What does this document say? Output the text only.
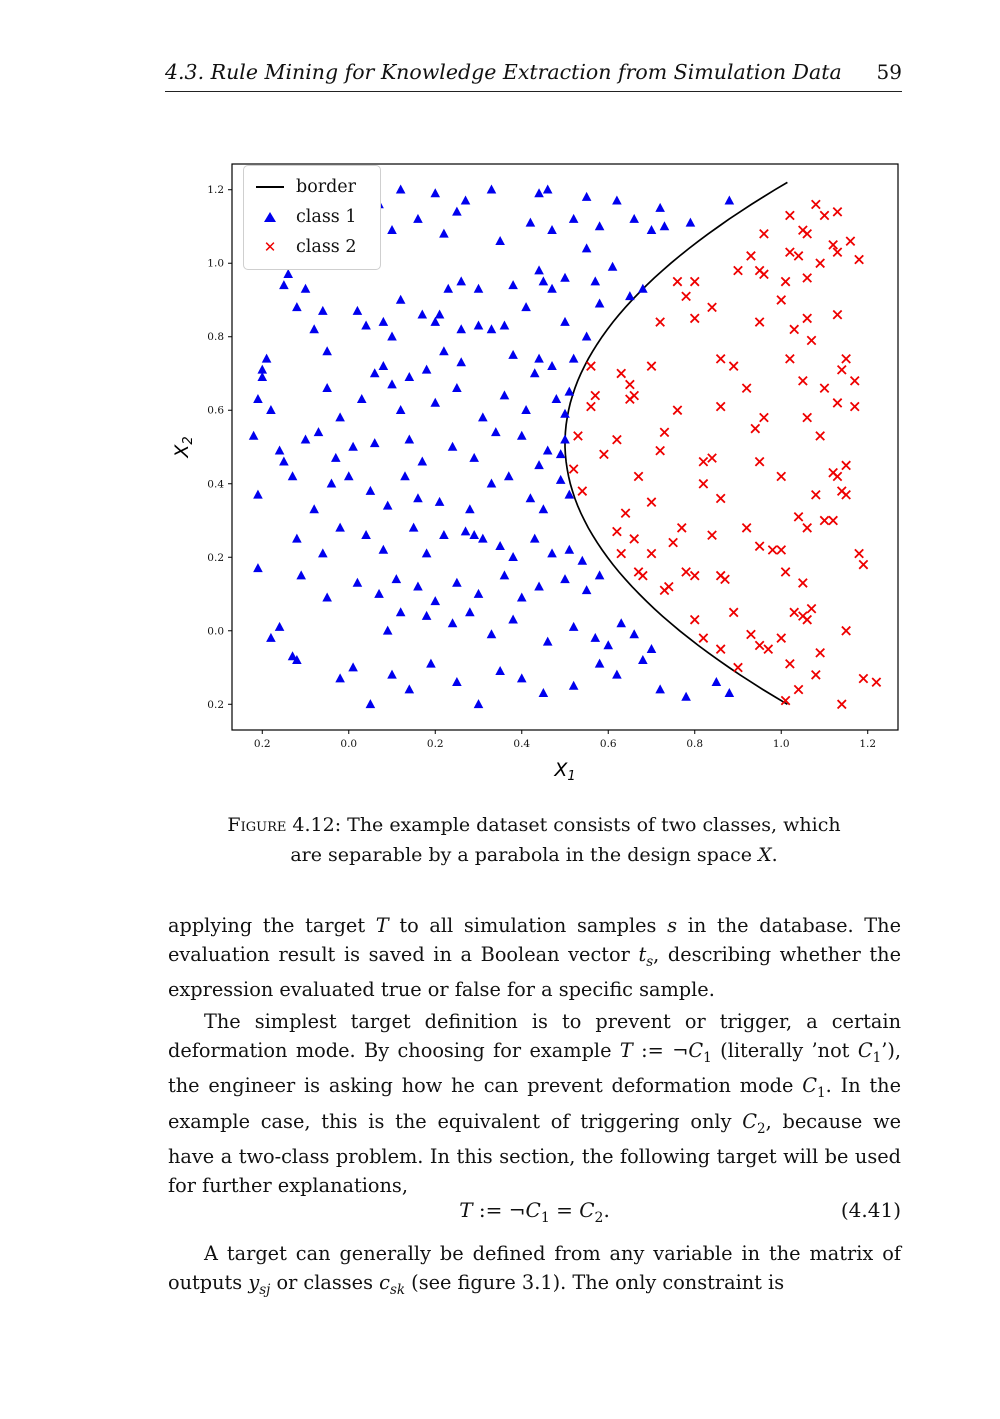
4.3. Rule Mining for Knowledge Extraction from Simulation Data 59
0.2	0.0	0.2	0.4	0.6	0.8	1.0	1.2
1.2
1.0
0.8
0.6
0.4
0.2
0.0
0.2
$X_1$
$X_2$
border
class 1
✕	class 2
Figure 4.12: The example dataset consists of two classes, which
are separable by a parabola in the design space X.
applying the target T to all simulation samples s in the database. The evaluation result is saved in a Boolean vector $t_s$, describing whether the expression evaluated true or false for a specific sample.
The simplest target definition is to prevent or trigger, a certain deformation mode. By choosing for example T := $\neg C_1$ (literally ’not $C_1$’), the engineer is asking how he can prevent deformation mode $C_1$. In the example case, this is the equivalent of triggering only $C_2$, because we have a two-class problem. In this section, the following target will be used for further explanations,
T := $\neg C_1 = C_2$.	(4.41)
A target can generally be defined from any variable in the matrix of outputs $y_{sj}$ or classes $c_{sk}$ (see figure 3.1). The only constraint is
